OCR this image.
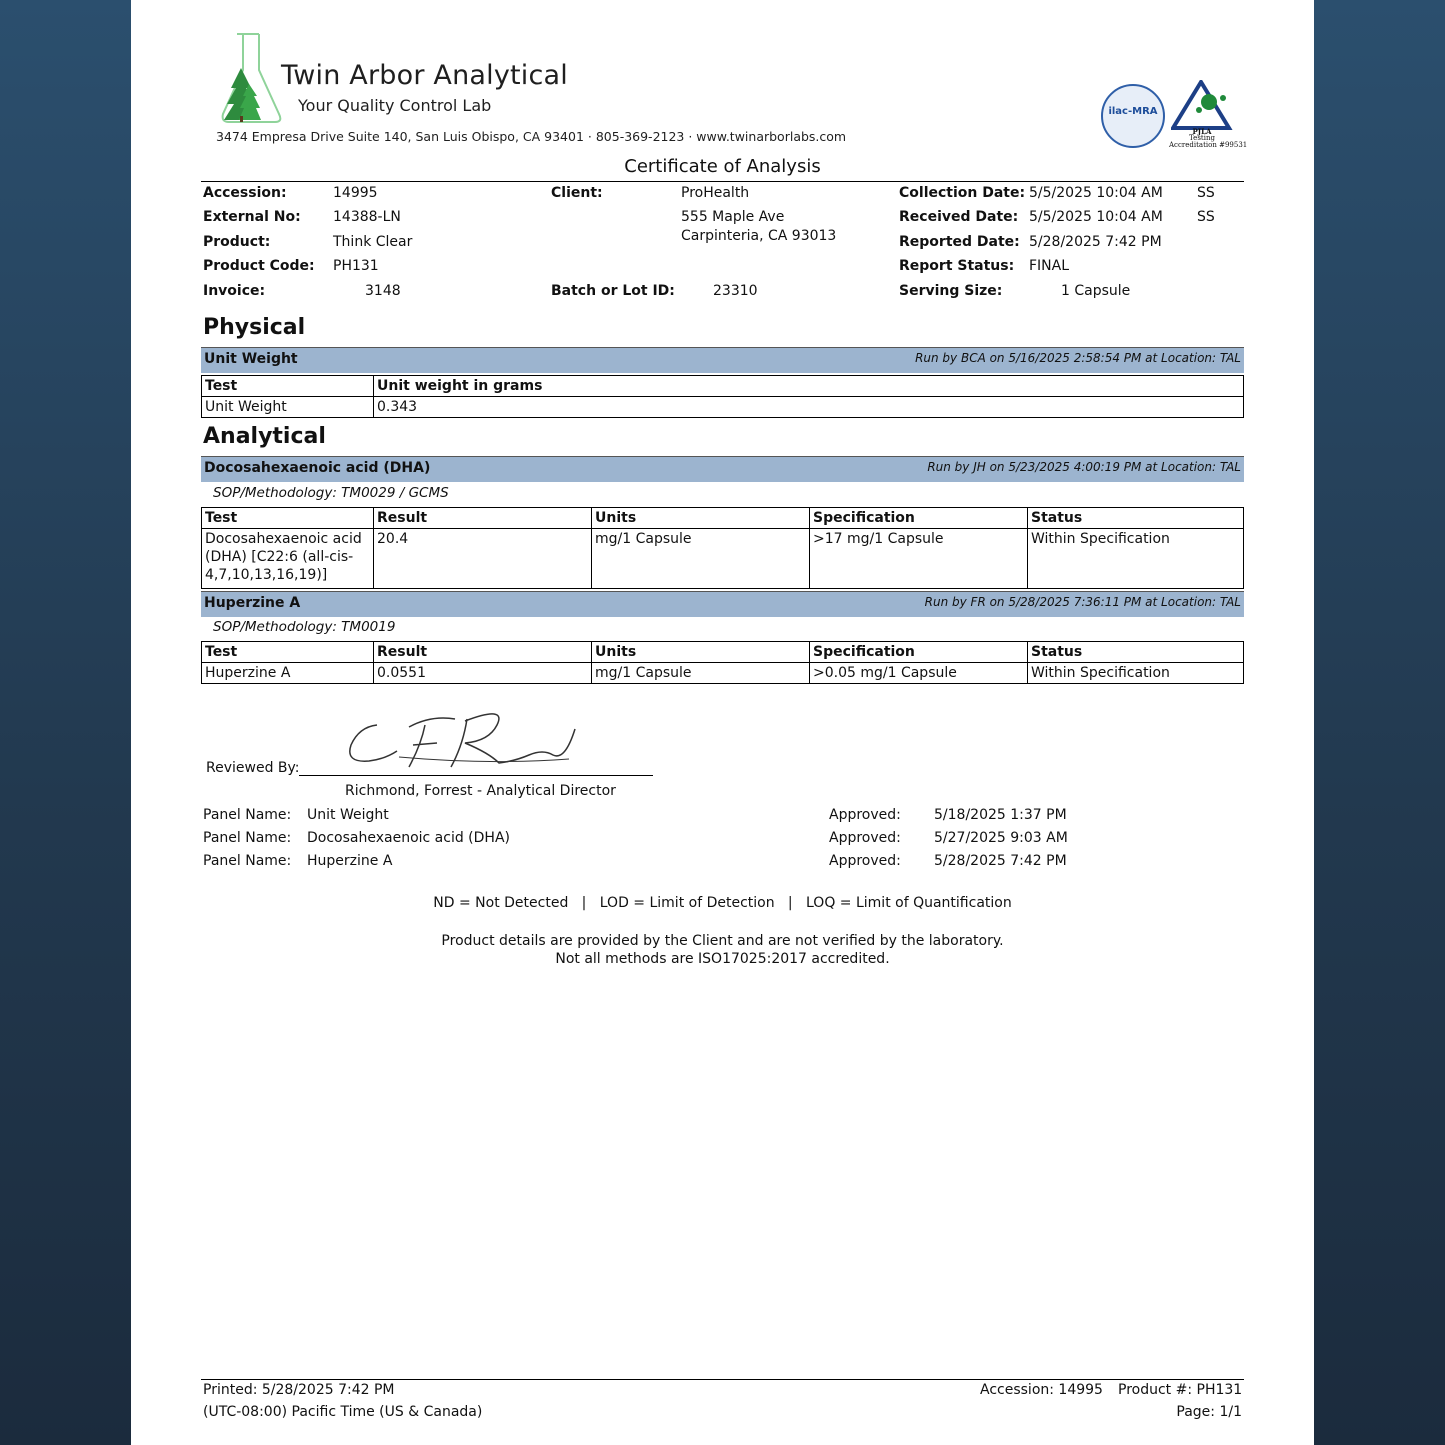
Twin Arbor Analytical
Your Quality Control Lab
3474 Empresa Drive Suite 140, San Luis Obispo, CA 93401 · 805-369-2123 · www.twinarborlabs.com
ilac-MRA
PJLA
Testing
Accreditation #99531
Certificate of Analysis
Accession:	14995
External No: 14388-LN
Product:	Think Clear
Product Code: PH131
Invoice:	3148
Client:	ProHealth
555 Maple Ave
Carpinteria, CA 93013
Batch or Lot ID:	23310
Collection Date: 5/5/2025 10:04 AM SS
Received Date: 5/5/2025 10:04 AM SS
Reported Date: 5/28/2025 7:42 PM
Report Status: FINAL
Serving Size:	1 Capsule
Physical
Unit Weight	Run by BCA on 5/16/2025 2:58:54 PM at Location: TAL
Test	Unit weight in grams
Unit Weight	0.343
Analytical
Docosahexaenoic acid (DHA)	Run by JH on 5/23/2025 4:00:19 PM at Location: TAL
SOP/Methodology: TM0029 / GCMS
Test	Result	Units	Specification	Status
Docosahexaenoic acid (DHA) [C22:6 (all-cis-4,7,10,13,16,19)]	20.4	mg/1 Capsule	>17 mg/1 Capsule	Within Specification
Huperzine A	Run by FR on 5/28/2025 7:36:11 PM at Location: TAL
SOP/Methodology: TM0019
Test	Result	Units	Specification	Status
Huperzine A	0.0551	mg/1 Capsule	>0.05 mg/1 Capsule	Within Specification
Reviewed By:
Richmond, Forrest - Analytical Director
Panel Name: Unit Weight	Approved: 5/18/2025 1:37 PM
Panel Name: Docosahexaenoic acid (DHA)	Approved: 5/27/2025 9:03 AM
Panel Name: Huperzine A	Approved: 5/28/2025 7:42 PM
ND = Not Detected   |   LOD = Limit of Detection   |   LOQ = Limit of Quantification
Product details are provided by the Client and are not verified by the laboratory.
Not all methods are ISO17025:2017 accredited.
Printed: 5/28/2025 7:42 PM
(UTC-08:00) Pacific Time (US & Canada)
Accession: 14995 Product #: PH131
Page: 1/1
